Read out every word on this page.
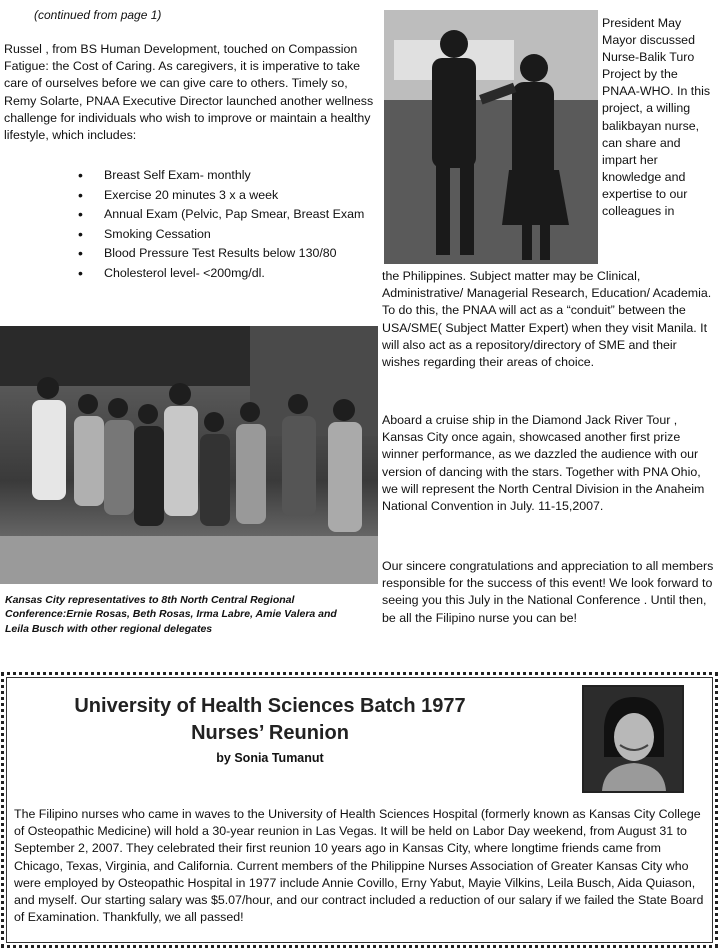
(continued from page 1)

Russel , from BS Human Development, touched on Compassion Fatigue: the Cost of Caring. As caregivers, it is imperative to take care of ourselves before we can give care to others. Timely so, Remy Solarte, PNAA Executive Director launched another wellness challenge for individuals who wish to improve or maintain a healthy lifestyle, which includes:

• Breast Self Exam- monthly
• Exercise 20 minutes 3 x a week
• Annual Exam (Pelvic, Pap Smear, Breast Exam
• Smoking Cessation
• Blood Pressure Test Results below 130/80
• Cholesterol level- <200mg/dl.
Kansas City representatives to 8th North Central Regional Conference:Ernie Rosas, Beth Rosas, Irma Labre, Amie Valera and Leila Busch with other regional delegates

President May Mayor discussed Nurse-Balik Turo Project by the PNAA-WHO. In this project, a willing balikbayan nurse, can share and impart her knowledge and expertise to our colleagues in

the Philippines. Subject matter may be Clinical, Administrative/ Managerial Research, Education/ Academia. To do this, the PNAA will act as a “conduit” between the USA/SME( Subject Matter Expert) when they visit Manila. It will also act as a repository/directory of SME and their wishes regarding their areas of choice.

Aboard a cruise ship in the Diamond Jack River Tour , Kansas City once again, showcased another first prize winner performance, as we dazzled the audience with our version of dancing with the stars. Together with PNA Ohio, we will represent the North Central Division in the Anaheim National Convention in July. 11-15,2007.

Our sincere congratulations and appreciation to all members responsible for the success of this event! We look forward to seeing you this July in the National Conference . Until then, be all the Filipino nurse you can be!

University of Health Sciences Batch 1977
Nurses’ Reunion
by Sonia Tumanut

The Filipino nurses who came in waves to the University of Health Sciences Hospital (formerly known as Kansas City College of Osteopathic Medicine) will hold a 30-year reunion in Las Vegas. It will be held on Labor Day weekend, from August 31 to September 2, 2007. They celebrated their first reunion 10 years ago in Kansas City, where longtime friends came from Chicago, Texas, Virginia, and California. Current members of the Philippine Nurses Association of Greater Kansas City who were employed by Osteopathic Hospital in 1977 include Annie Covillo, Erny Yabut, Mayie Vilkins, Leila Busch, Aida Quiason, and myself. Our starting salary was $5.07/hour, and our contract included a reduction of our salary if we failed the State Board of Examination. Thankfully, we all passed!
